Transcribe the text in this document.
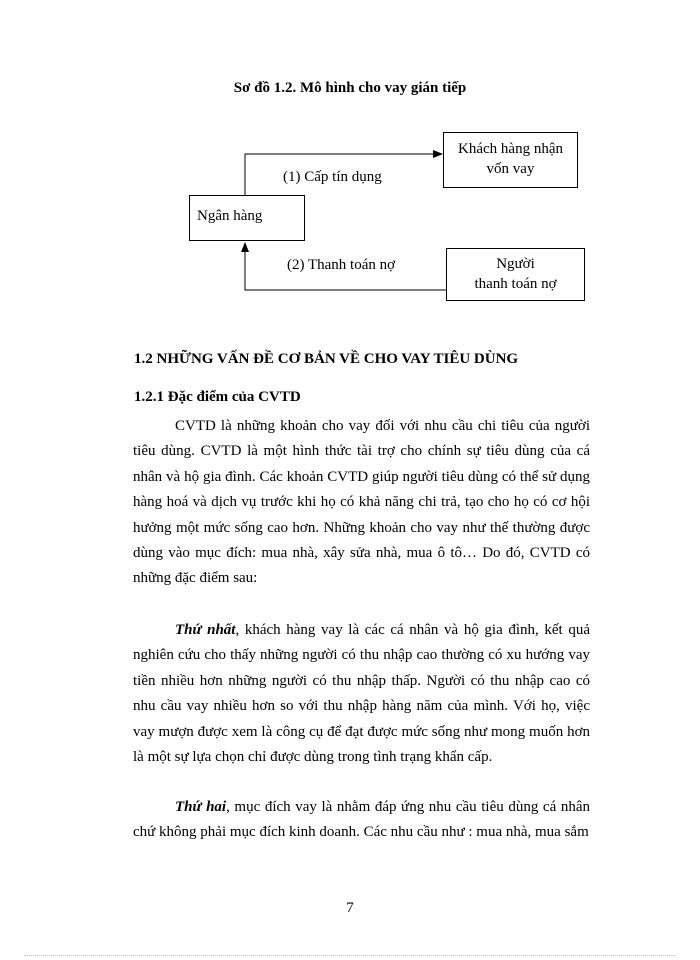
Sơ đồ 1.2. Mô hình cho vay gián tiếp
Ngân hàng
Khách hàng nhận
vốn vay
Người
thanh toán nợ
(1) Cấp tín dụng
(2) Thanh toán nợ
1.2 NHỮNG VẤN ĐỀ CƠ BẢN VỀ CHO VAY TIÊU DÙNG
1.2.1 Đặc điểm của CVTD

CVTD là những khoản cho vay đối với nhu cầu chi tiêu của người tiêu dùng. CVTD là một hình thức tài trợ cho chính sự tiêu dùng của cá nhân và hộ gia đình. Các khoản CVTD giúp người tiêu dùng có thể sử dụng hàng hoá và dịch vụ trước khi họ có khả năng chi trả, tạo cho họ có cơ hội hưởng một mức sống cao hơn. Những khoản cho vay như thế thường được dùng vào mục đích: mua nhà, xây sửa nhà, mua ô tô… Do đó, CVTD có những đặc điểm sau:

Thứ nhất, khách hàng vay là các cá nhân và hộ gia đình, kết quả nghiên cứu cho thấy những người có thu nhập cao thường có xu hướng vay tiền nhiều hơn những người có thu nhập thấp. Người có thu nhập cao có nhu cầu vay nhiều hơn so với thu nhập hàng năm của mình. Với họ, việc vay mượn được xem là công cụ để đạt được mức sống như mong muốn hơn là một sự lựa chọn chỉ được dùng trong tình trạng khẩn cấp.

Thứ hai, mục đích vay là nhằm đáp ứng nhu cầu tiêu dùng cá nhân chứ không phải mục đích kinh doanh. Các nhu cầu như : mua nhà, mua sắm

7
